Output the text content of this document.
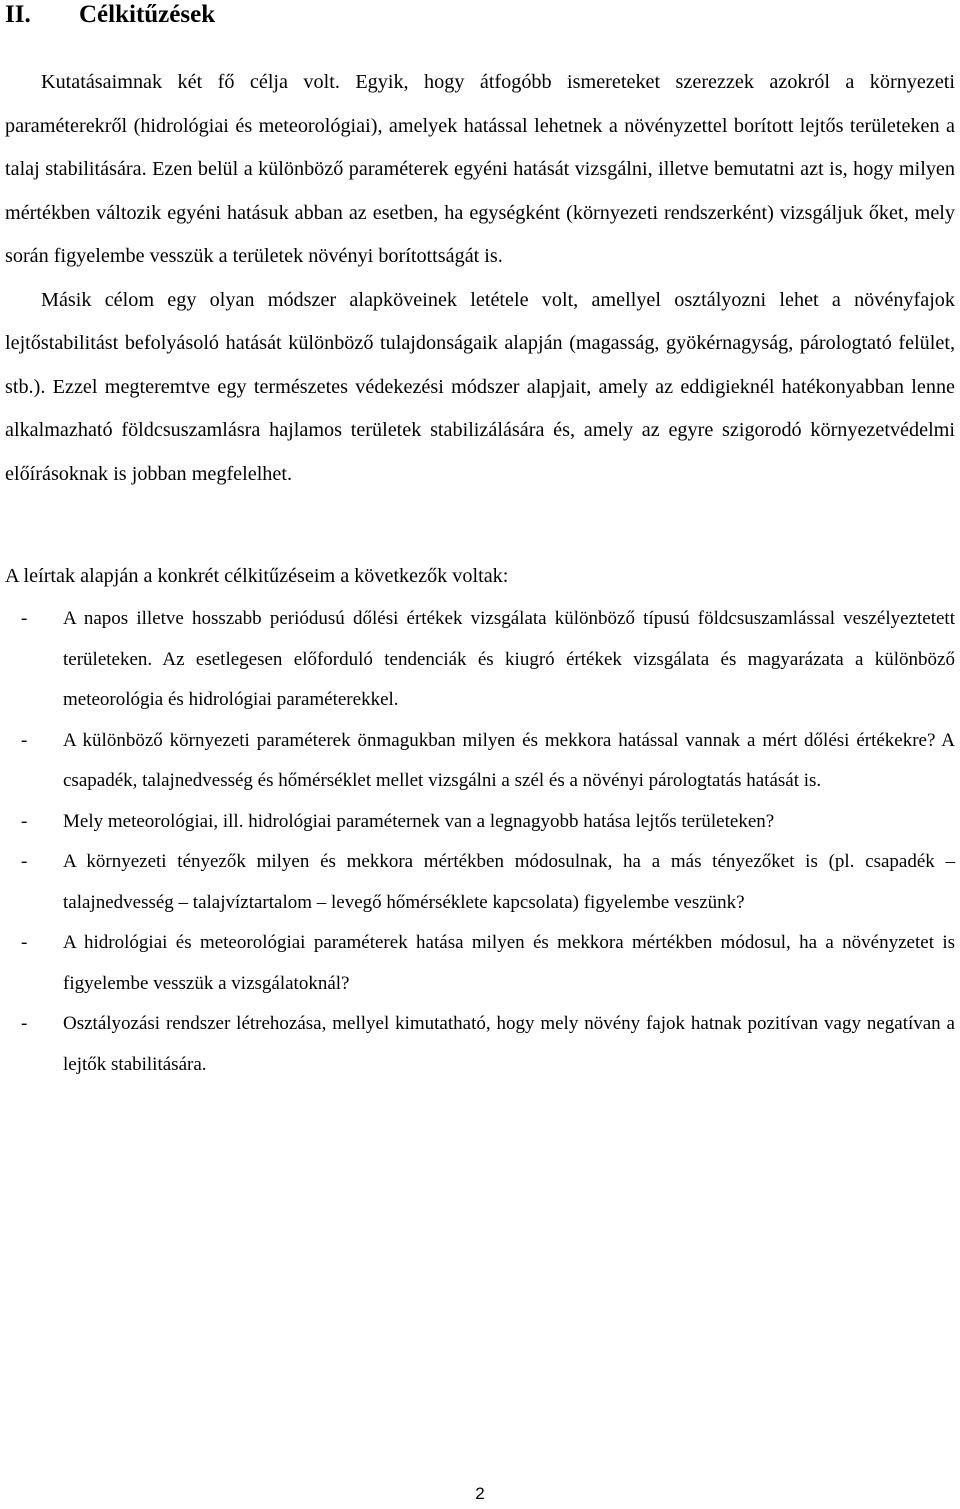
II.	Célkitűzések

Kutatásaimnak két fő célja volt. Egyik, hogy átfogóbb ismereteket szerezzek azokról a környezeti paraméterekről (hidrológiai és meteorológiai), amelyek hatással lehetnek a növényzettel borított lejtős területeken a talaj stabilitására. Ezen belül a különböző paraméterek egyéni hatását vizsgálni, illetve bemutatni azt is, hogy milyen mértékben változik egyéni hatásuk abban az esetben, ha egységként (környezeti rendszerként) vizsgáljuk őket, mely során figyelembe vesszük a területek növényi borítottságát is.

Másik célom egy olyan módszer alapköveinek letétele volt, amellyel osztályozni lehet a növényfajok lejtőstabilitást befolyásoló hatását különböző tulajdonságaik alapján (magasság, gyökérnagyság, párologtató felület, stb.). Ezzel megteremtve egy természetes védekezési módszer alapjait, amely az eddigieknél hatékonyabban lenne alkalmazható földcsuszamlásra hajlamos területek stabilizálására és, amely az egyre szigorodó környezetvédelmi előírásoknak is jobban megfelelhet.

A leírtak alapján a konkrét célkitűzéseim a következők voltak:

- A napos illetve hosszabb periódusú dőlési értékek vizsgálata különböző típusú földcsuszamlással veszélyeztetett területeken. Az esetlegesen előforduló tendenciák és kiugró értékek vizsgálata és magyarázata a különböző meteorológia és hidrológiai paraméterekkel.
- A különböző környezeti paraméterek önmagukban milyen és mekkora hatással vannak a mért dőlési értékekre? A csapadék, talajnedvesség és hőmérséklet mellet vizsgálni a szél és a növényi párologtatás hatását is.
- Mely meteorológiai, ill. hidrológiai paraméternek van a legnagyobb hatása lejtős területeken?
- A környezeti tényezők milyen és mekkora mértékben módosulnak, ha a más tényezőket is (pl. csapadék – talajnedvesség – talajvíztartalom – levegő hőmérséklete kapcsolata) figyelembe veszünk?
- A hidrológiai és meteorológiai paraméterek hatása milyen és mekkora mértékben módosul, ha a növényzetet is figyelembe vesszük a vizsgálatoknál?
- Osztályozási rendszer létrehozása, mellyel kimutatható, hogy mely növény fajok hatnak pozitívan vagy negatívan a lejtők stabilitására.
2
